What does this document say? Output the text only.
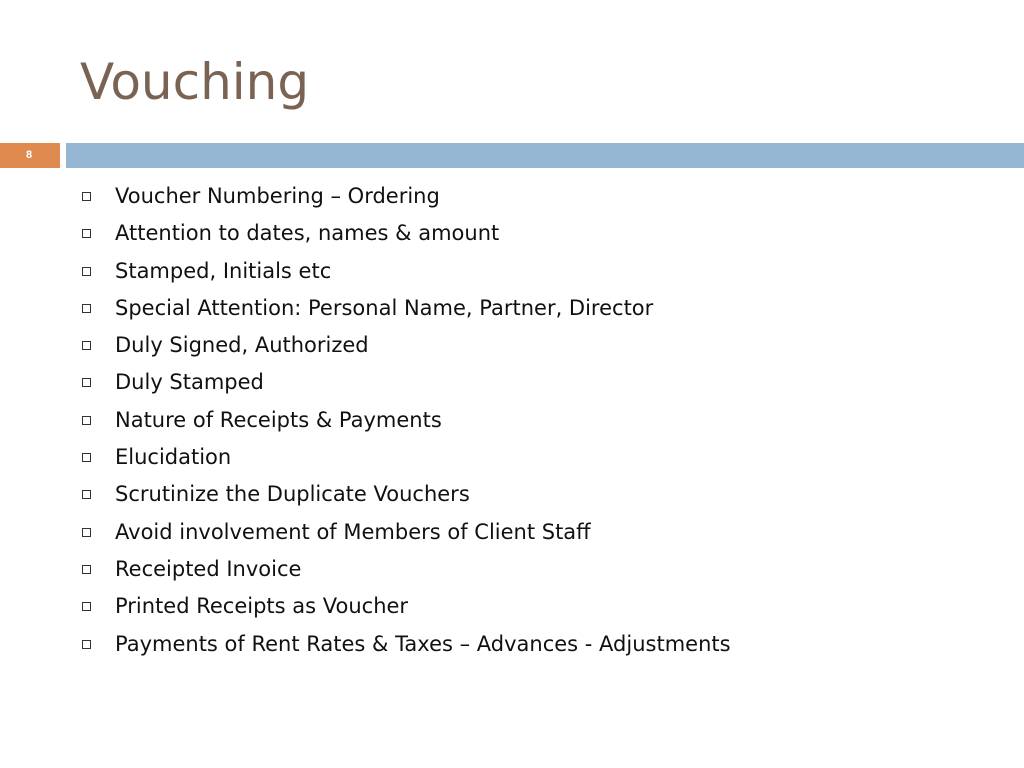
Vouching
8
Voucher Numbering – Ordering
Attention to dates, names & amount
Stamped, Initials etc
Special Attention: Personal Name, Partner, Director
Duly Signed, Authorized
Duly Stamped
Nature of Receipts & Payments
Elucidation
Scrutinize the Duplicate Vouchers
Avoid involvement of Members of Client Staff
Receipted Invoice
Printed Receipts as Voucher
Payments of Rent Rates & Taxes – Advances - Adjustments
